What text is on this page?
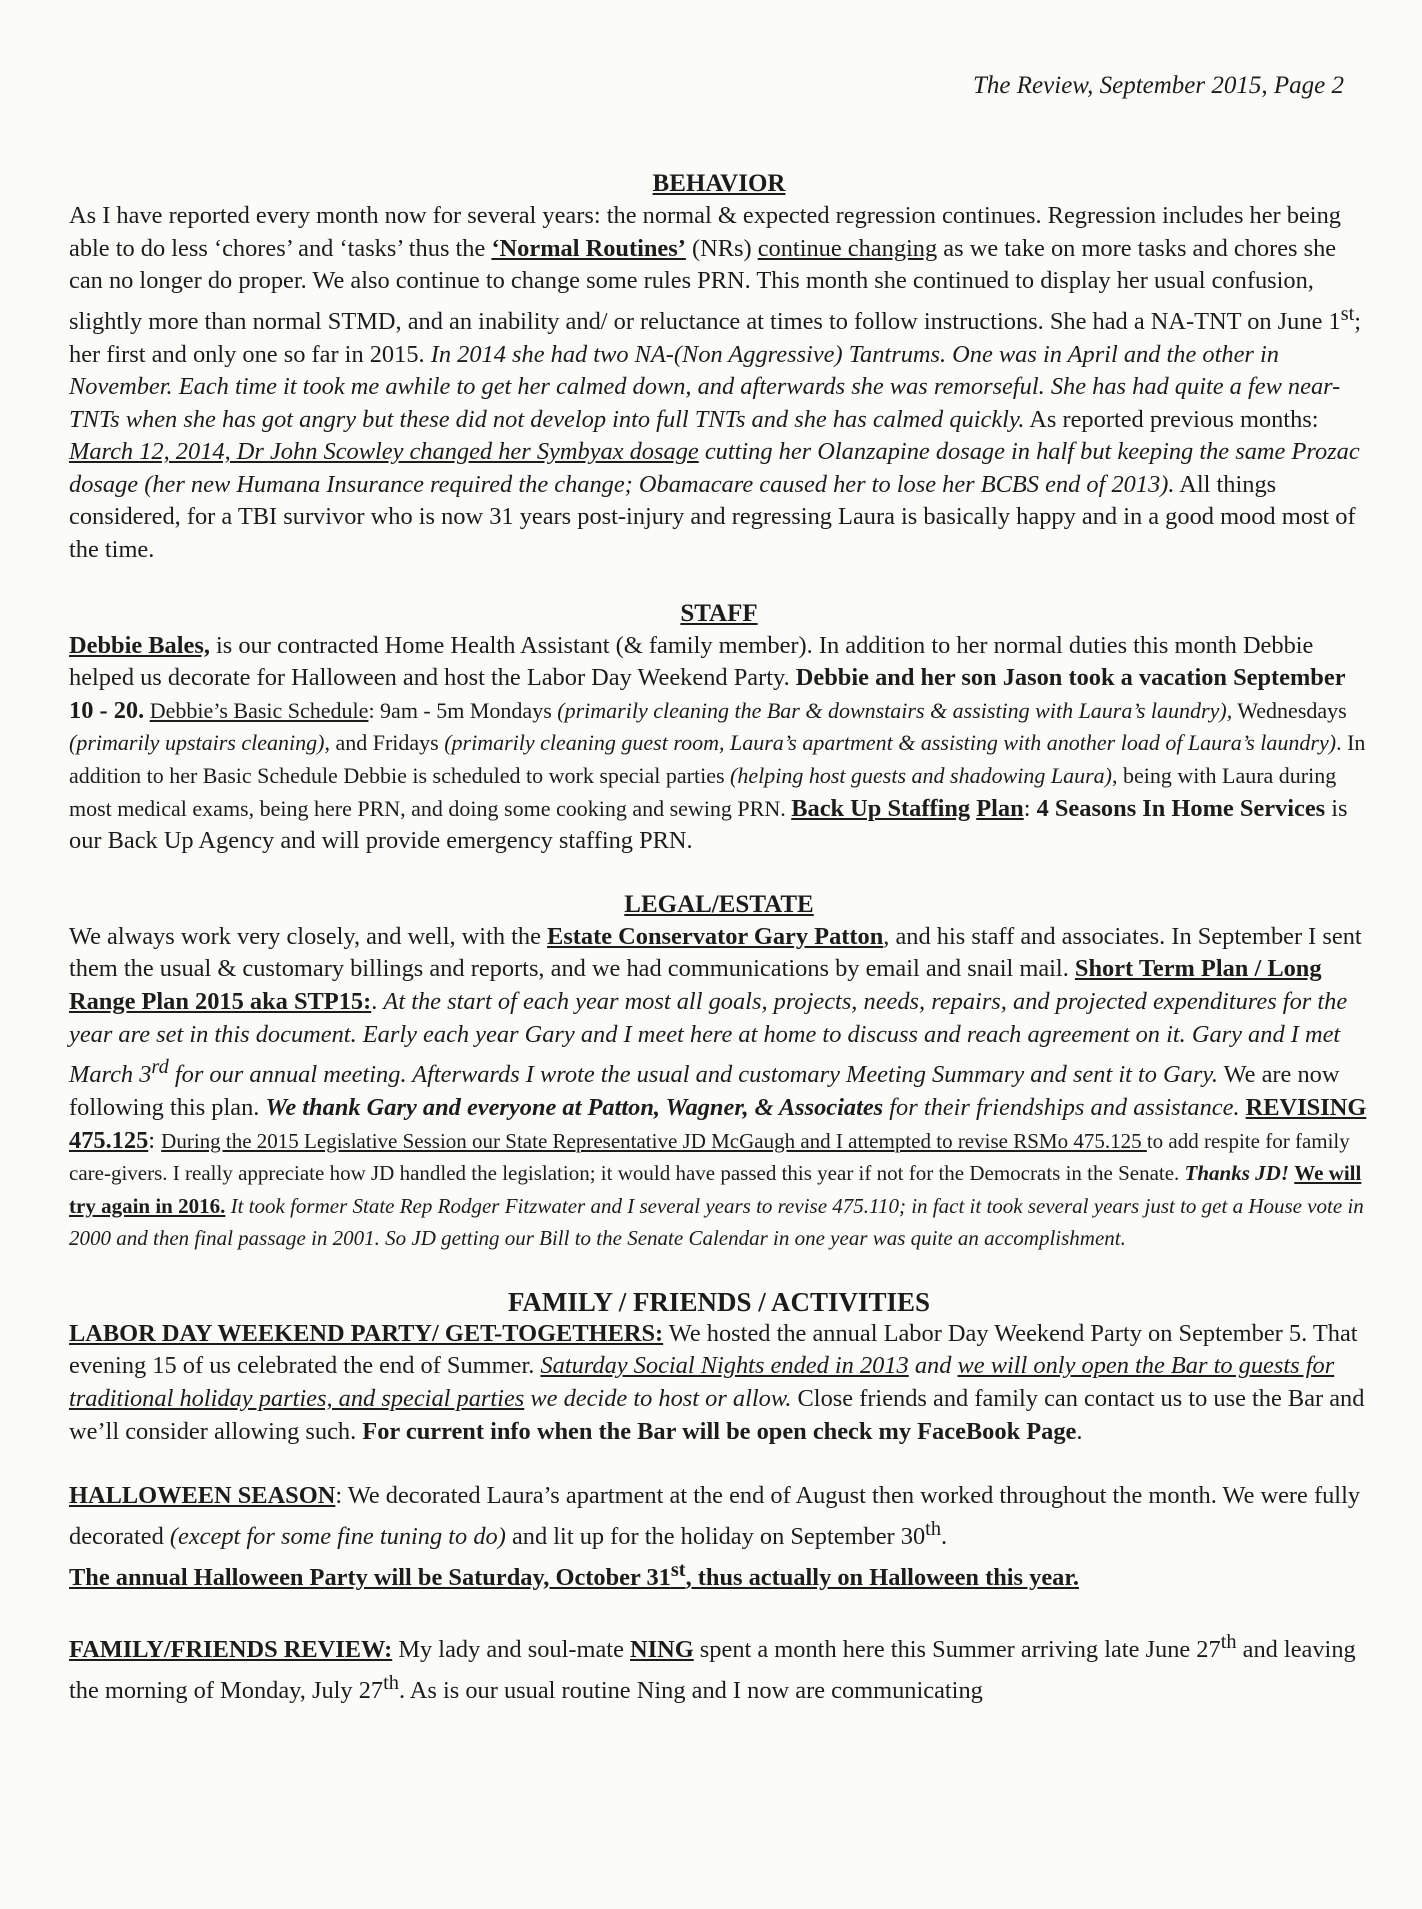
The Review, September 2015, Page 2
BEHAVIOR

As I have reported every month now for several years: the normal & expected regression continues. Regression includes her being able to do less ‘chores’ and ‘tasks’ thus the ‘Normal Routines’ (NRs) continue changing as we take on more tasks and chores she can no longer do proper. We also continue to change some rules PRN. This month she continued to display her usual confusion, slightly more than normal STMD, and an inability and/ or reluctance at times to follow instructions. She had a NA-TNT on June 1st; her first and only one so far in 2015. In 2014 she had two NA-(Non Aggressive) Tantrums. One was in April and the other in November. Each time it took me awhile to get her calmed down, and afterwards she was remorseful. She has had quite a few near-TNTs when she has got angry but these did not develop into full TNTs and she has calmed quickly. As reported previous months: March 12, 2014, Dr John Scowley changed her Symbyax dosage cutting her Olanzapine dosage in half but keeping the same Prozac dosage (her new Humana Insurance required the change; Obamacare caused her to lose her BCBS end of 2013). All things considered, for a TBI survivor who is now 31 years post-injury and regressing Laura is basically happy and in a good mood most of the time.

STAFF

Debbie Bales, is our contracted Home Health Assistant (& family member). In addition to her normal duties this month Debbie helped us decorate for Halloween and host the Labor Day Weekend Party. Debbie and her son Jason took a vacation September 10 - 20. Debbie’s Basic Schedule: 9am - 5m Mondays (primarily cleaning the Bar & downstairs & assisting with Laura’s laundry), Wednesdays (primarily upstairs cleaning), and Fridays (primarily cleaning guest room, Laura’s apartment & assisting with another load of Laura’s laundry). In addition to her Basic Schedule Debbie is scheduled to work special parties (helping host guests and shadowing Laura), being with Laura during most medical exams, being here PRN, and doing some cooking and sewing PRN. Back Up Staffing Plan: 4 Seasons In Home Services is our Back Up Agency and will provide emergency staffing PRN.

LEGAL/ESTATE

We always work very closely, and well, with the Estate Conservator Gary Patton, and his staff and associates. In September I sent them the usual & customary billings and reports, and we had communications by email and snail mail. Short Term Plan / Long Range Plan 2015 aka STP15:. At the start of each year most all goals, projects, needs, repairs, and projected expenditures for the year are set in this document. Early each year Gary and I meet here at home to discuss and reach agreement on it. Gary and I met March 3rd for our annual meeting. Afterwards I wrote the usual and customary Meeting Summary and sent it to Gary. We are now following this plan. We thank Gary and everyone at Patton, Wagner, & Associates for their friendships and assistance. REVISING 475.125: During the 2015 Legislative Session our State Representative JD McGaugh and I attempted to revise RSMo 475.125 to add respite for family care-givers. I really appreciate how JD handled the legislation; it would have passed this year if not for the Democrats in the Senate. Thanks JD! We will try again in 2016. It took former State Rep Rodger Fitzwater and I several years to revise 475.110; in fact it took several years just to get a House vote in 2000 and then final passage in 2001. So JD getting our Bill to the Senate Calendar in one year was quite an accomplishment.

FAMILY / FRIENDS / ACTIVITIES

LABOR DAY WEEKEND PARTY/ GET-TOGETHERS: We hosted the annual Labor Day Weekend Party on September 5. That evening 15 of us celebrated the end of Summer. Saturday Social Nights ended in 2013 and we will only open the Bar to guests for traditional holiday parties, and special parties we decide to host or allow. Close friends and family can contact us to use the Bar and we’ll consider allowing such. For current info when the Bar will be open check my FaceBook Page.

HALLOWEEN SEASON: We decorated Laura’s apartment at the end of August then worked throughout the month. We were fully decorated (except for some fine tuning to do) and lit up for the holiday on September 30th.
The annual Halloween Party will be Saturday, October 31st, thus actually on Halloween this year.

FAMILY/FRIENDS REVIEW: My lady and soul-mate NING spent a month here this Summer arriving late June 27th and leaving the morning of Monday, July 27th. As is our usual routine Ning and I now are communicating
